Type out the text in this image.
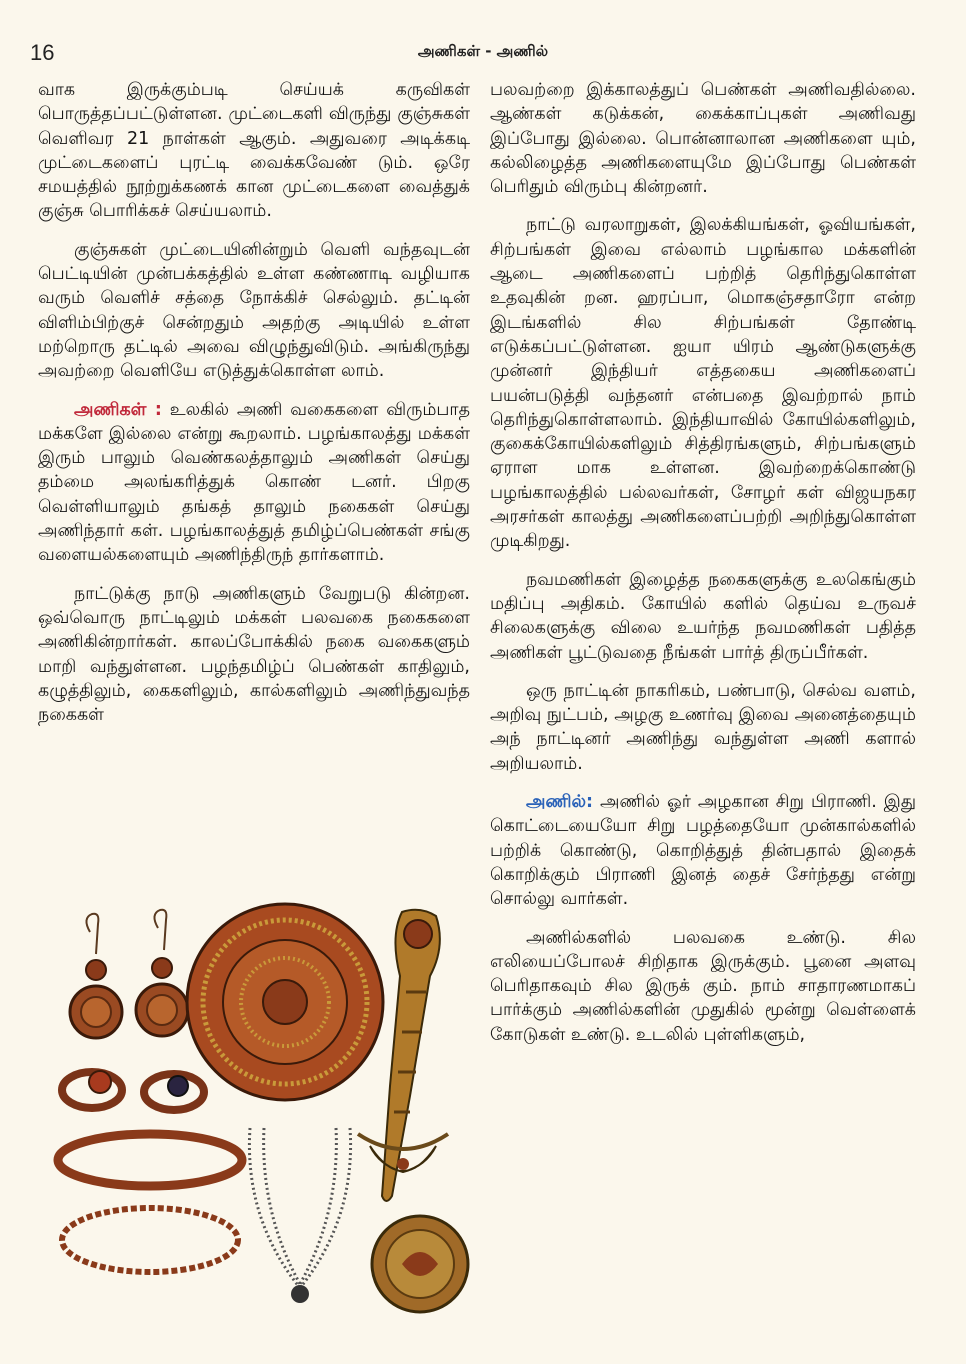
16	அணிகள் - அணில்

வாக இருக்கும்படி செய்யக் கருவிகள் பொருத்தப்பட்டுள்ளன. முட்டைகளி விருந்து குஞ்சுகள் வெளிவர 21 நாள்கள் ஆகும். அதுவரை அடிக்கடி முட்டைகளைப் புரட்டி வைக்கவேண் டும். ஒரே சமயத்தில் நூற்றுக்கணக் கான முட்டைகளை வைத்துக் குஞ்சு பொரிக்கச் செய்யலாம்.

குஞ்சுகள் முட்டையினின்றும் வெளி வந்தவுடன் பெட்டியின் முன்பக்கத்தில் உள்ள கண்ணாடி வழியாக வரும் வெளிச் சத்தை நோக்கிச் செல்லும். தட்டின் விளிம்பிற்குச் சென்றதும் அதற்கு அடியில் உள்ள மற்றொரு தட்டில் அவை விழுந்துவிடும். அங்கிருந்து அவற்றை வெளியே எடுத்துக்கொள்ள லாம்.

அணிகள் : உலகில் அணி வகைகளை விரும்பாத மக்களே இல்லை என்று கூறலாம். பழங்காலத்து மக்கள் இரும் பாலும் வெண்கலத்தாலும் அணிகள் செய்து தம்மை அலங்கரித்துக் கொண் டனர். பிறகு வெள்ளியாலும் தங்கத் தாலும் நகைகள் செய்து அணிந்தார் கள். பழங்காலத்துத் தமிழ்ப்பெண்கள் சங்கு வளையல்களையும் அணிந்திருந் தார்களாம்.

நாட்டுக்கு நாடு அணிகளும் வேறுபடு கின்றன. ஒவ்வொரு நாட்டிலும் மக்கள் பலவகை நகைகளை அணிகின்றார்கள். காலப்போக்கில் நகை வகைகளும் மாறி வந்துள்ளன. பழந்தமிழ்ப் பெண்கள் காதிலும், கழுத்திலும், கைகளிலும், கால்களிலும் அணிந்துவந்த நகைகள்

பலவற்றை இக்காலத்துப் பெண்கள் அணிவதில்லை. ஆண்கள் கடுக்கன், கைக்காப்புகள் அணிவது இப்போது இல்லை. பொன்னாலான அணிகளை யும், கல்லிழைத்த அணிகளையுமே இப்போது பெண்கள் பெரிதும் விரும்பு கின்றனர்.

நாட்டு வரலாறுகள், இலக்கியங்கள், ஓவியங்கள், சிற்பங்கள் இவை எல்லாம் பழங்கால மக்களின் ஆடை அணிகளைப் பற்றித் தெரிந்துகொள்ள உதவுகின் றன. ஹரப்பா, மொகஞ்சதாரோ என்ற இடங்களில் சில சிற்பங்கள் தோண்டி எடுக்கப்பட்டுள்ளன. ஐயா யிரம் ஆண்டுகளுக்கு முன்னர் இந்தியர் எத்தகைய அணிகளைப் பயன்படுத்தி வந்தனர் என்பதை இவற்றால் நாம் தெரிந்துகொள்ளலாம். இந்தியாவில் கோயில்களிலும், குகைக்கோயில்களிலும் சித்திரங்களும், சிற்பங்களும் ஏராள மாக உள்ளன. இவற்றைக்கொண்டு பழங்காலத்தில் பல்லவர்கள், சோழர் கள் விஜயநகர அரசர்கள் காலத்து அணிகளைப்பற்றி அறிந்துகொள்ள முடிகிறது.

நவமணிகள் இழைத்த நகைகளுக்கு உலகெங்கும் மதிப்பு அதிகம். கோயில் களில் தெய்வ உருவச் சிலைகளுக்கு விலை உயர்ந்த நவமணிகள் பதித்த அணிகள் பூட்டுவதை நீங்கள் பார்த் திருப்பீர்கள்.

ஒரு நாட்டின் நாகரிகம், பண்பாடு, செல்வ வளம், அறிவு நுட்பம், அழகு உணர்வு இவை அனைத்தையும் அந் நாட்டினர் அணிந்து வந்துள்ள அணி களால் அறியலாம்.

அணில்: அணில் ஓர் அழகான சிறு பிராணி. இது கொட்டையையோ சிறு பழத்தையோ முன்கால்களில் பற்றிக் கொண்டு, கொறித்துத் தின்பதால் இதைக் கொறிக்கும் பிராணி இனத் தைச் சேர்ந்தது என்று சொல்லு வார்கள்.

அணில்களில் பலவகை உண்டு. சில எலியைப்போலச் சிறிதாக இருக்கும். பூனை அளவு பெரிதாகவும் சில இருக் கும். நாம் சாதாரணமாகப் பார்க்கும் அணில்களின் முதுகில் மூன்று வெள்ளைக் கோடுகள் உண்டு. உடலில் புள்ளிகளும்,
